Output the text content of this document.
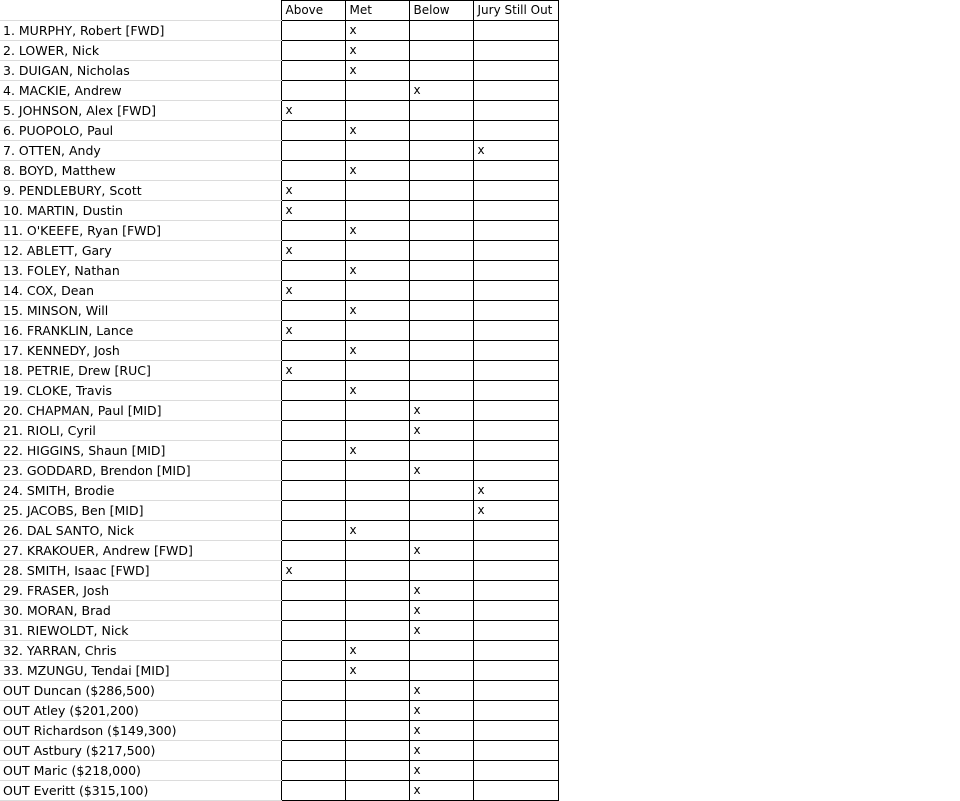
	Above	Met	Below	Jury Still Out
1. MURPHY, Robert [FWD]		x		
2. LOWER, Nick		x		
3. DUIGAN, Nicholas		x		
4. MACKIE, Andrew			x	
5. JOHNSON, Alex [FWD]	x			
6. PUOPOLO, Paul		x		
7. OTTEN, Andy				x
8. BOYD, Matthew		x		
9. PENDLEBURY, Scott	x			
10. MARTIN, Dustin	x			
11. O'KEEFE, Ryan [FWD]		x		
12. ABLETT, Gary	x			
13. FOLEY, Nathan		x		
14. COX, Dean	x			
15. MINSON, Will		x		
16. FRANKLIN, Lance	x			
17. KENNEDY, Josh		x		
18. PETRIE, Drew [RUC]	x			
19. CLOKE, Travis		x		
20. CHAPMAN, Paul [MID]			x	
21. RIOLI, Cyril			x	
22. HIGGINS, Shaun [MID]		x		
23. GODDARD, Brendon [MID]			x	
24. SMITH, Brodie				x
25. JACOBS, Ben [MID]				x
26. DAL SANTO, Nick		x		
27. KRAKOUER, Andrew [FWD]			x	
28. SMITH, Isaac [FWD]	x			
29. FRASER, Josh			x	
30. MORAN, Brad			x	
31. RIEWOLDT, Nick			x	
32. YARRAN, Chris		x		
33. MZUNGU, Tendai [MID]		x		
OUT Duncan ($286,500)			x	
OUT Atley ($201,200)			x	
OUT Richardson ($149,300)			x	
OUT Astbury ($217,500)			x	
OUT Maric ($218,000)			x	
OUT Everitt ($315,100)			x	
